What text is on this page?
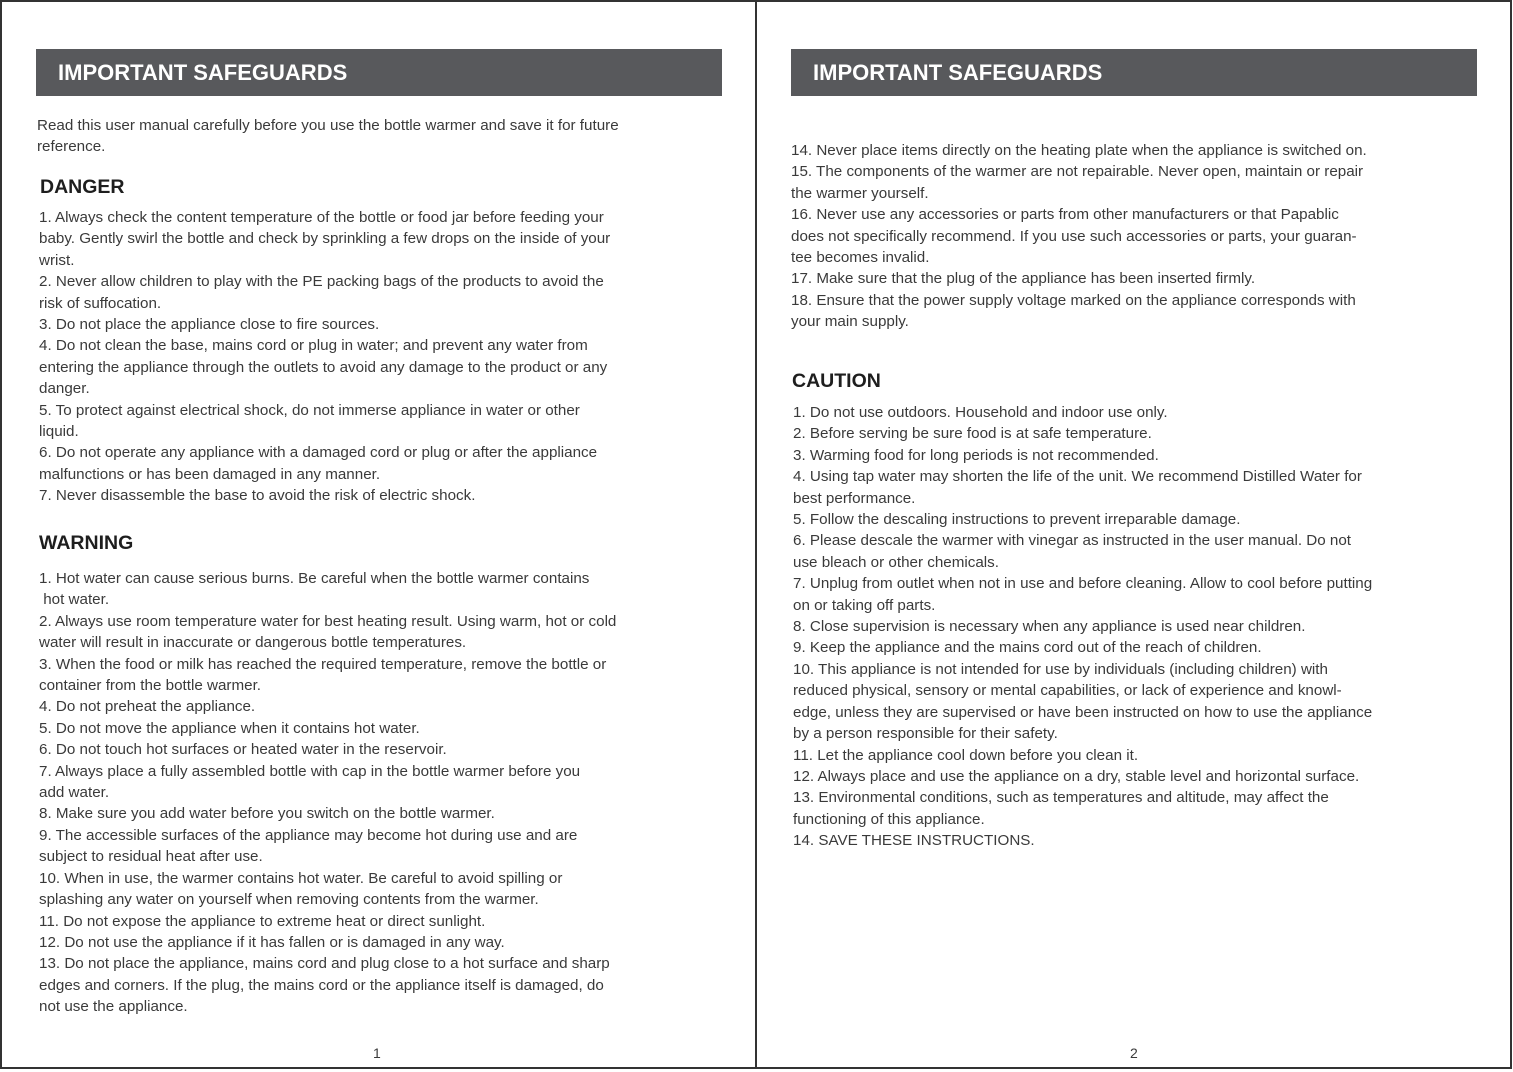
IMPORTANT SAFEGUARDS
Read this user manual carefully before you use the bottle warmer and save it for future
reference.
DANGER
1. Always check the content temperature of the bottle or food jar before feeding your
baby. Gently swirl the bottle and check by sprinkling a few drops on the inside of your
wrist.
2. Never allow children to play with the PE packing bags of the products to avoid the
risk of suffocation.
3. Do not place the appliance close to fire sources.
4. Do not clean the base, mains cord or plug in water; and prevent any water from
entering the appliance through the outlets to avoid any damage to the product or any
danger.
5. To protect against electrical shock, do not immerse appliance in water or other
liquid.
6. Do not operate any appliance with a damaged cord or plug or after the appliance
malfunctions or has been damaged in any manner.
7. Never disassemble the base to avoid the risk of electric shock.
WARNING
1. Hot water can cause serious burns. Be careful when the bottle warmer contains
hot water.
2. Always use room temperature water for best heating result. Using warm, hot or cold
water will result in inaccurate or dangerous bottle temperatures.
3. When the food or milk has reached the required temperature, remove the bottle or
container from the bottle warmer.
4. Do not preheat the appliance.
5. Do not move the appliance when it contains hot water.
6. Do not touch hot surfaces or heated water in the reservoir.
7. Always place a fully assembled bottle with cap in the bottle warmer before you
add water.
8. Make sure you add water before you switch on the bottle warmer.
9. The accessible surfaces of the appliance may become hot during use and are
subject to residual heat after use.
10. When in use, the warmer contains hot water. Be careful to avoid spilling or
splashing any water on yourself when removing contents from the warmer.
11. Do not expose the appliance to extreme heat or direct sunlight.
12. Do not use the appliance if it has fallen or is damaged in any way.
13. Do not place the appliance, mains cord and plug close to a hot surface and sharp
edges and corners. If the plug, the mains cord or the appliance itself is damaged, do
not use the appliance.
1
IMPORTANT SAFEGUARDS
14. Never place items directly on the heating plate when the appliance is switched on.
15. The components of the warmer are not repairable. Never open, maintain or repair
the warmer yourself.
16. Never use any accessories or parts from other manufacturers or that Papablic
does not specifically recommend. If you use such accessories or parts, your guaran-
tee becomes invalid.
17. Make sure that the plug of the appliance has been inserted firmly.
18. Ensure that the power supply voltage marked on the appliance corresponds with
your main supply.
CAUTION
1. Do not use outdoors. Household and indoor use only.
2. Before serving be sure food is at safe temperature.
3. Warming food for long periods is not recommended.
4. Using tap water may shorten the life of the unit. We recommend Distilled Water for
best performance.
5. Follow the descaling instructions to prevent irreparable damage.
6. Please descale the warmer with vinegar as instructed in the user manual. Do not
use bleach or other chemicals.
7. Unplug from outlet when not in use and before cleaning. Allow to cool before putting
on or taking off parts.
8. Close supervision is necessary when any appliance is used near children.
9. Keep the appliance and the mains cord out of the reach of children.
10. This appliance is not intended for use by individuals (including children) with
reduced physical, sensory or mental capabilities, or lack of experience and knowl-
edge, unless they are supervised or have been instructed on how to use the appliance
by a person responsible for their safety.
11. Let the appliance cool down before you clean it.
12. Always place and use the appliance on a dry, stable level and horizontal surface.
13. Environmental conditions, such as temperatures and altitude, may affect the
functioning of this appliance.
14. SAVE THESE INSTRUCTIONS.
2
